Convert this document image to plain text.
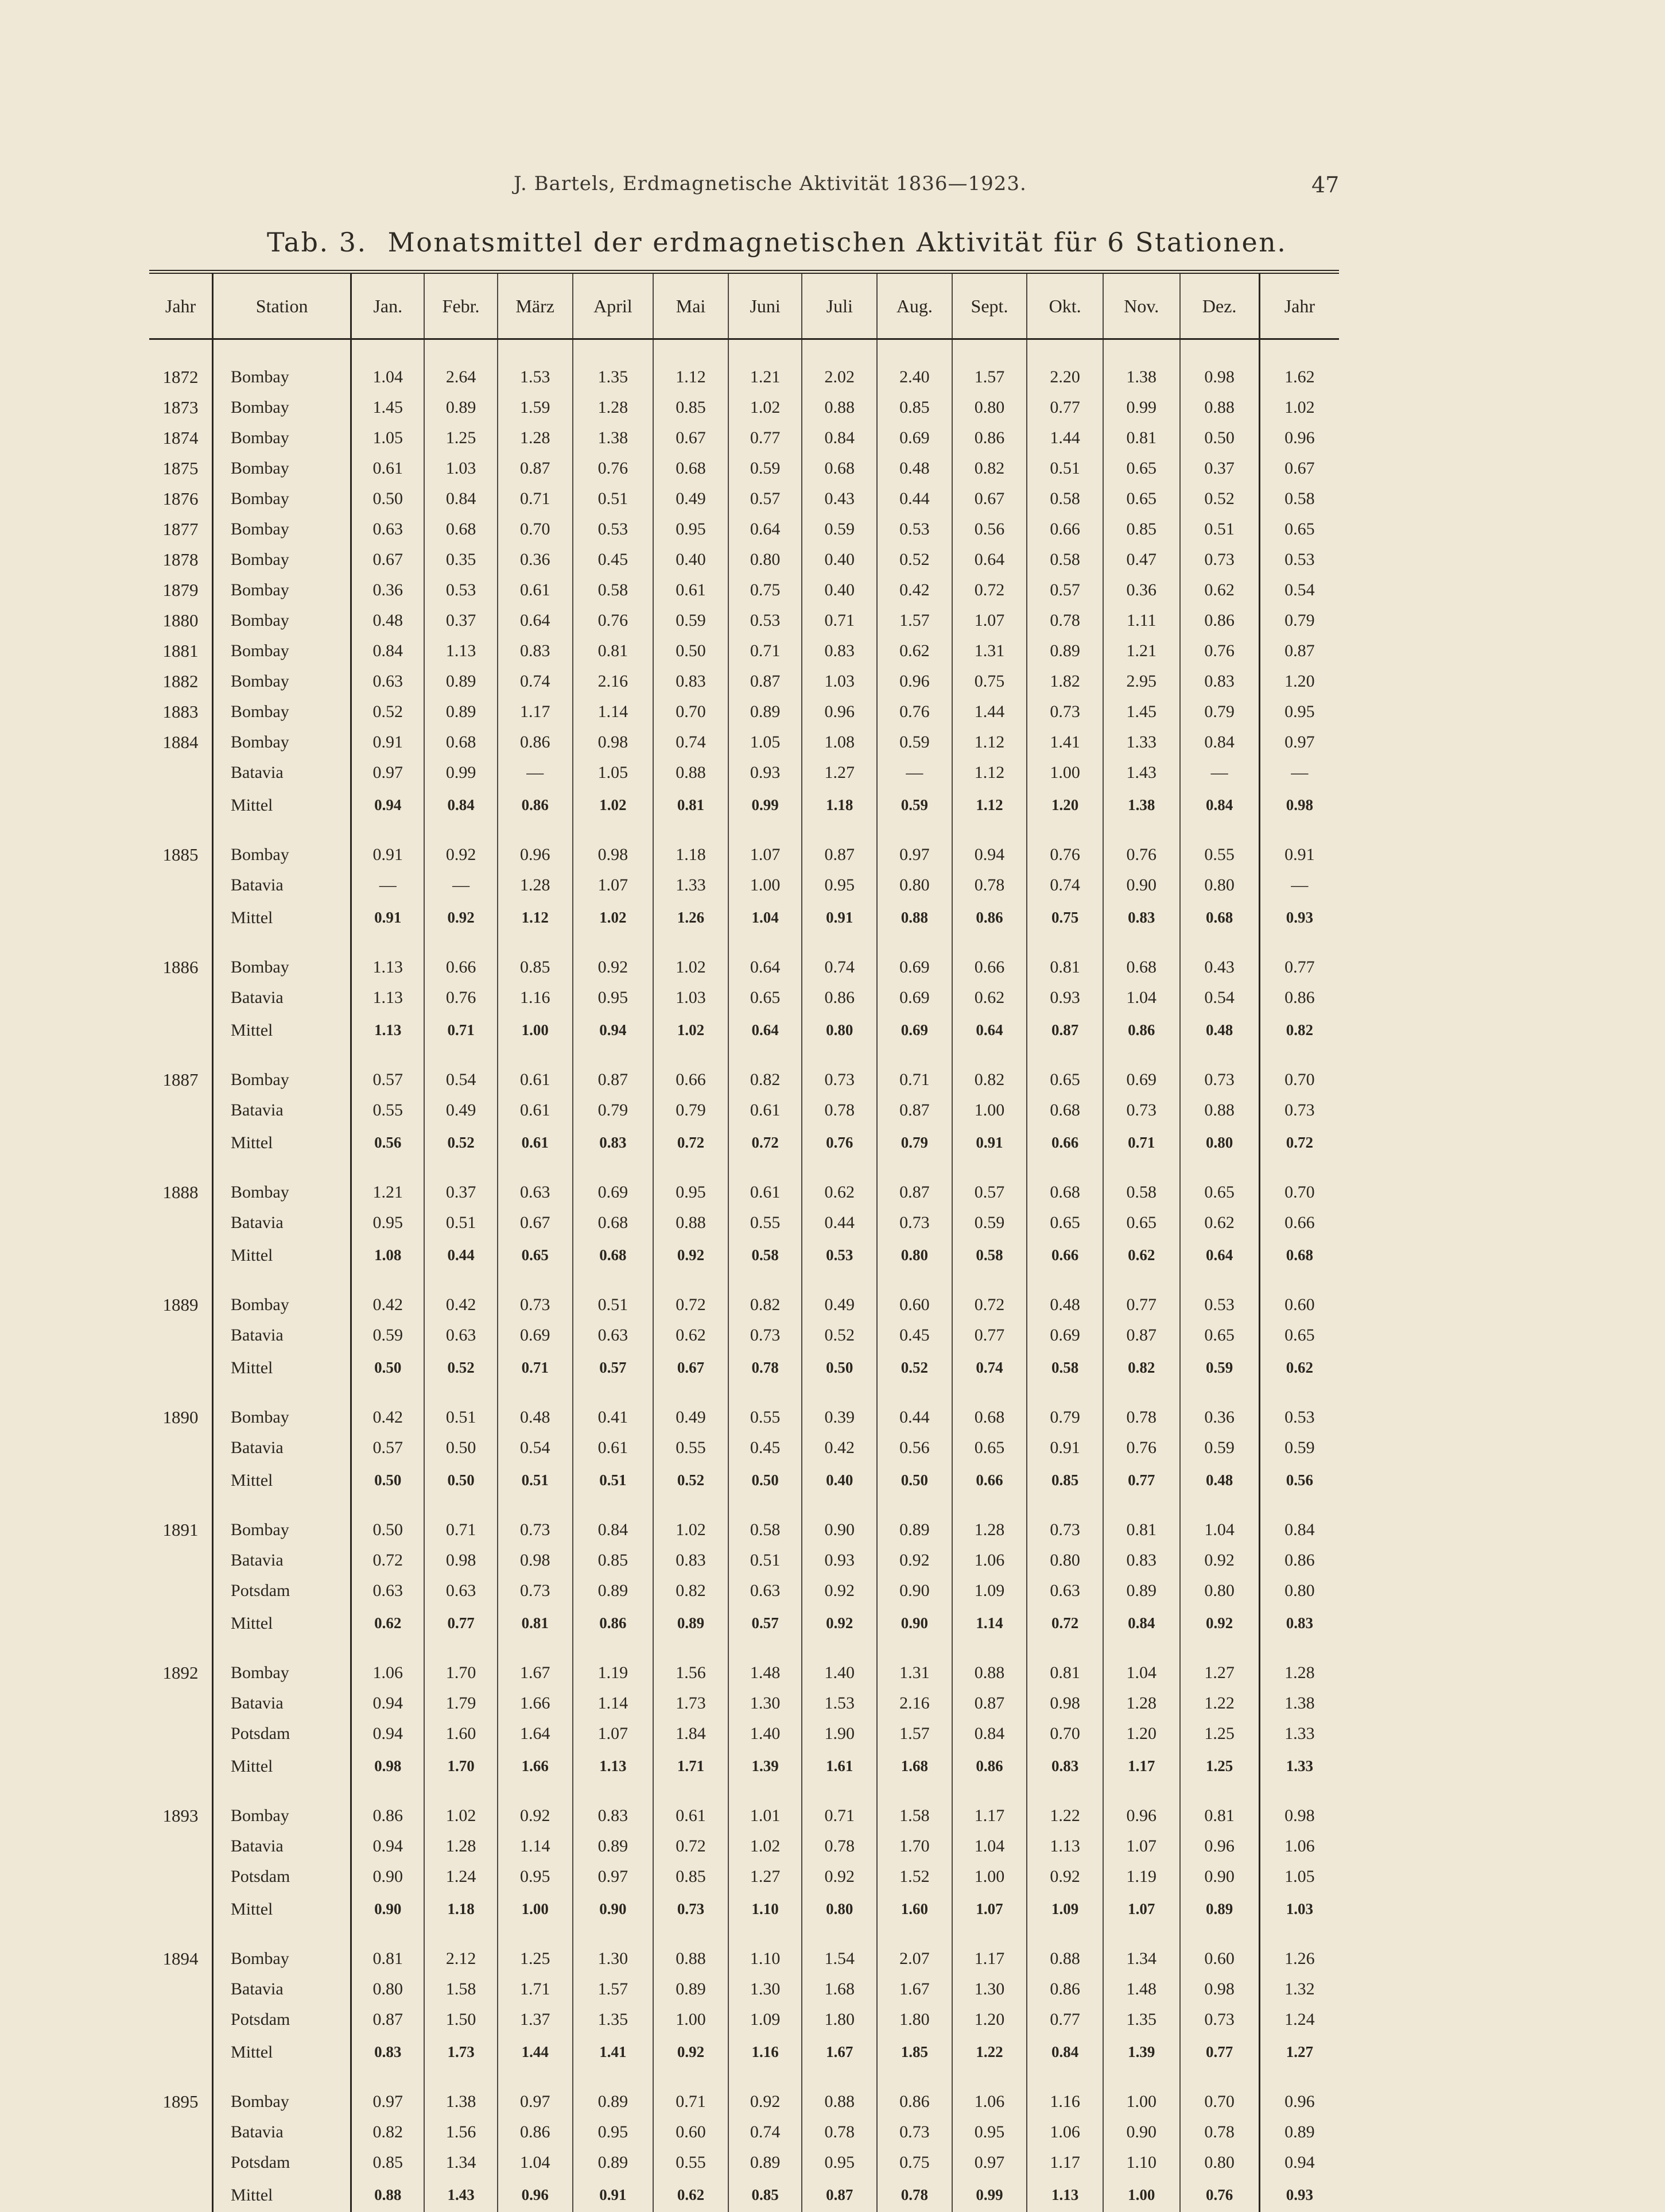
J. Bartels, Erdmagnetische Aktivität 1836—1923.	47
Tab. 3. Monatsmittel der erdmagnetischen Aktivität für 6 Stationen.
Jahr	Station	Jan.	Febr.	März	April	Mai	Juni	Juli	Aug.	Sept.	Okt.	Nov.	Dez.	Jahr

1872	Bombay	1.04	2.64	1.53	1.35	1.12	1.21	2.02	2.40	1.57	2.20	1.38	0.98	1.62
1873	Bombay	1.45	0.89	1.59	1.28	0.85	1.02	0.88	0.85	0.80	0.77	0.99	0.88	1.02
1874	Bombay	1.05	1.25	1.28	1.38	0.67	0.77	0.84	0.69	0.86	1.44	0.81	0.50	0.96
1875	Bombay	0.61	1.03	0.87	0.76	0.68	0.59	0.68	0.48	0.82	0.51	0.65	0.37	0.67
1876	Bombay	0.50	0.84	0.71	0.51	0.49	0.57	0.43	0.44	0.67	0.58	0.65	0.52	0.58
1877	Bombay	0.63	0.68	0.70	0.53	0.95	0.64	0.59	0.53	0.56	0.66	0.85	0.51	0.65
1878	Bombay	0.67	0.35	0.36	0.45	0.40	0.80	0.40	0.52	0.64	0.58	0.47	0.73	0.53
1879	Bombay	0.36	0.53	0.61	0.58	0.61	0.75	0.40	0.42	0.72	0.57	0.36	0.62	0.54
1880	Bombay	0.48	0.37	0.64	0.76	0.59	0.53	0.71	1.57	1.07	0.78	1.11	0.86	0.79
1881	Bombay	0.84	1.13	0.83	0.81	0.50	0.71	0.83	0.62	1.31	0.89	1.21	0.76	0.87
1882	Bombay	0.63	0.89	0.74	2.16	0.83	0.87	1.03	0.96	0.75	1.82	2.95	0.83	1.20
1883	Bombay	0.52	0.89	1.17	1.14	0.70	0.89	0.96	0.76	1.44	0.73	1.45	0.79	0.95
1884	Bombay	0.91	0.68	0.86	0.98	0.74	1.05	1.08	0.59	1.12	1.41	1.33	0.84	0.97
	Batavia	0.97	0.99	—	1.05	0.88	0.93	1.27	—	1.12	1.00	1.43	—	—
	Mittel	0.94	0.84	0.86	1.02	0.81	0.99	1.18	0.59	1.12	1.20	1.38	0.84	0.98

1885	Bombay	0.91	0.92	0.96	0.98	1.18	1.07	0.87	0.97	0.94	0.76	0.76	0.55	0.91
	Batavia	—	—	1.28	1.07	1.33	1.00	0.95	0.80	0.78	0.74	0.90	0.80	—
	Mittel	0.91	0.92	1.12	1.02	1.26	1.04	0.91	0.88	0.86	0.75	0.83	0.68	0.93

1886	Bombay	1.13	0.66	0.85	0.92	1.02	0.64	0.74	0.69	0.66	0.81	0.68	0.43	0.77
	Batavia	1.13	0.76	1.16	0.95	1.03	0.65	0.86	0.69	0.62	0.93	1.04	0.54	0.86
	Mittel	1.13	0.71	1.00	0.94	1.02	0.64	0.80	0.69	0.64	0.87	0.86	0.48	0.82

1887	Bombay	0.57	0.54	0.61	0.87	0.66	0.82	0.73	0.71	0.82	0.65	0.69	0.73	0.70
	Batavia	0.55	0.49	0.61	0.79	0.79	0.61	0.78	0.87	1.00	0.68	0.73	0.88	0.73
	Mittel	0.56	0.52	0.61	0.83	0.72	0.72	0.76	0.79	0.91	0.66	0.71	0.80	0.72

1888	Bombay	1.21	0.37	0.63	0.69	0.95	0.61	0.62	0.87	0.57	0.68	0.58	0.65	0.70
	Batavia	0.95	0.51	0.67	0.68	0.88	0.55	0.44	0.73	0.59	0.65	0.65	0.62	0.66
	Mittel	1.08	0.44	0.65	0.68	0.92	0.58	0.53	0.80	0.58	0.66	0.62	0.64	0.68

1889	Bombay	0.42	0.42	0.73	0.51	0.72	0.82	0.49	0.60	0.72	0.48	0.77	0.53	0.60
	Batavia	0.59	0.63	0.69	0.63	0.62	0.73	0.52	0.45	0.77	0.69	0.87	0.65	0.65
	Mittel	0.50	0.52	0.71	0.57	0.67	0.78	0.50	0.52	0.74	0.58	0.82	0.59	0.62

1890	Bombay	0.42	0.51	0.48	0.41	0.49	0.55	0.39	0.44	0.68	0.79	0.78	0.36	0.53
	Batavia	0.57	0.50	0.54	0.61	0.55	0.45	0.42	0.56	0.65	0.91	0.76	0.59	0.59
	Mittel	0.50	0.50	0.51	0.51	0.52	0.50	0.40	0.50	0.66	0.85	0.77	0.48	0.56

1891	Bombay	0.50	0.71	0.73	0.84	1.02	0.58	0.90	0.89	1.28	0.73	0.81	1.04	0.84
	Batavia	0.72	0.98	0.98	0.85	0.83	0.51	0.93	0.92	1.06	0.80	0.83	0.92	0.86
	Potsdam	0.63	0.63	0.73	0.89	0.82	0.63	0.92	0.90	1.09	0.63	0.89	0.80	0.80
	Mittel	0.62	0.77	0.81	0.86	0.89	0.57	0.92	0.90	1.14	0.72	0.84	0.92	0.83

1892	Bombay	1.06	1.70	1.67	1.19	1.56	1.48	1.40	1.31	0.88	0.81	1.04	1.27	1.28
	Batavia	0.94	1.79	1.66	1.14	1.73	1.30	1.53	2.16	0.87	0.98	1.28	1.22	1.38
	Potsdam	0.94	1.60	1.64	1.07	1.84	1.40	1.90	1.57	0.84	0.70	1.20	1.25	1.33
	Mittel	0.98	1.70	1.66	1.13	1.71	1.39	1.61	1.68	0.86	0.83	1.17	1.25	1.33

1893	Bombay	0.86	1.02	0.92	0.83	0.61	1.01	0.71	1.58	1.17	1.22	0.96	0.81	0.98
	Batavia	0.94	1.28	1.14	0.89	0.72	1.02	0.78	1.70	1.04	1.13	1.07	0.96	1.06
	Potsdam	0.90	1.24	0.95	0.97	0.85	1.27	0.92	1.52	1.00	0.92	1.19	0.90	1.05
	Mittel	0.90	1.18	1.00	0.90	0.73	1.10	0.80	1.60	1.07	1.09	1.07	0.89	1.03

1894	Bombay	0.81	2.12	1.25	1.30	0.88	1.10	1.54	2.07	1.17	0.88	1.34	0.60	1.26
	Batavia	0.80	1.58	1.71	1.57	0.89	1.30	1.68	1.67	1.30	0.86	1.48	0.98	1.32
	Potsdam	0.87	1.50	1.37	1.35	1.00	1.09	1.80	1.80	1.20	0.77	1.35	0.73	1.24
	Mittel	0.83	1.73	1.44	1.41	0.92	1.16	1.67	1.85	1.22	0.84	1.39	0.77	1.27

1895	Bombay	0.97	1.38	0.97	0.89	0.71	0.92	0.88	0.86	1.06	1.16	1.00	0.70	0.96
	Batavia	0.82	1.56	0.86	0.95	0.60	0.74	0.78	0.73	0.95	1.06	0.90	0.78	0.89
	Potsdam	0.85	1.34	1.04	0.89	0.55	0.89	0.95	0.75	0.97	1.17	1.10	0.80	0.94
	Mittel	0.88	1.43	0.96	0.91	0.62	0.85	0.87	0.78	0.99	1.13	1.00	0.76	0.93
